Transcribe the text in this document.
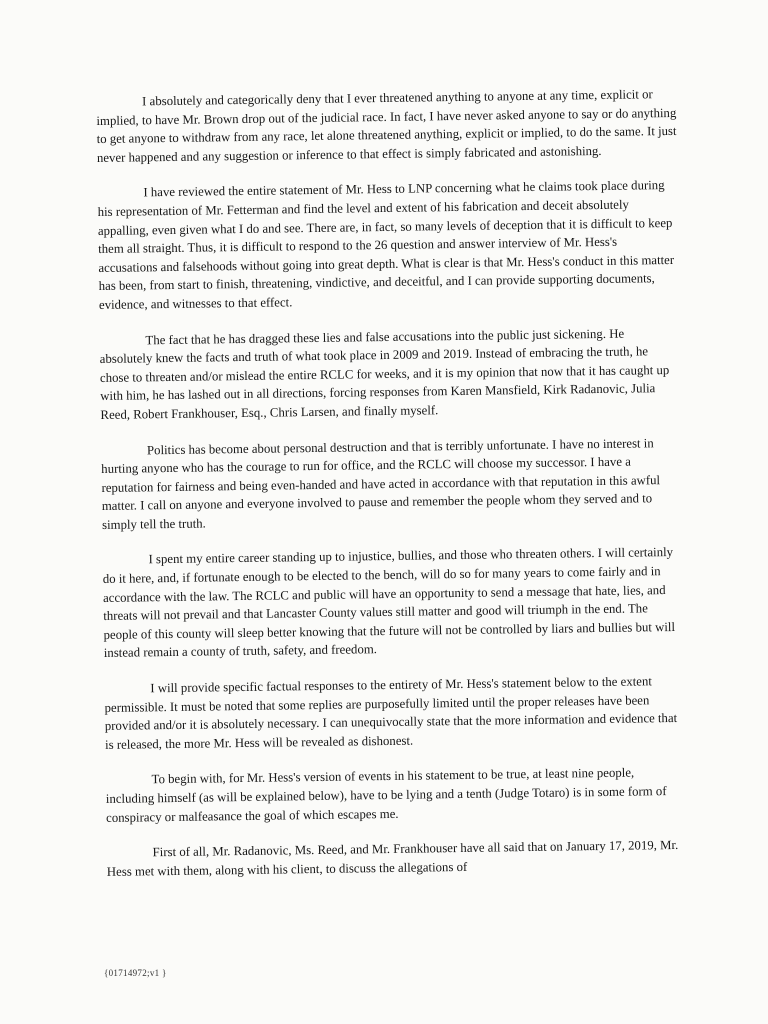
I absolutely and categorically deny that I ever threatened anything to anyone at any time, explicit or implied, to have Mr. Brown drop out of the judicial race. In fact, I have never asked anyone to say or do anything to get anyone to withdraw from any race, let alone threatened anything, explicit or implied, to do the same. It just never happened and any suggestion or inference to that effect is simply fabricated and astonishing.

I have reviewed the entire statement of Mr. Hess to LNP concerning what he claims took place during his representation of Mr. Fetterman and find the level and extent of his fabrication and deceit absolutely appalling, even given what I do and see. There are, in fact, so many levels of deception that it is difficult to keep them all straight. Thus, it is difficult to respond to the 26 question and answer interview of Mr. Hess's accusations and falsehoods without going into great depth. What is clear is that Mr. Hess's conduct in this matter has been, from start to finish, threatening, vindictive, and deceitful, and I can provide supporting documents, evidence, and witnesses to that effect.

The fact that he has dragged these lies and false accusations into the public just sickening. He absolutely knew the facts and truth of what took place in 2009 and 2019. Instead of embracing the truth, he chose to threaten and/or mislead the entire RCLC for weeks, and it is my opinion that now that it has caught up with him, he has lashed out in all directions, forcing responses from Karen Mansfield, Kirk Radanovic, Julia Reed, Robert Frankhouser, Esq., Chris Larsen, and finally myself.

Politics has become about personal destruction and that is terribly unfortunate. I have no interest in hurting anyone who has the courage to run for office, and the RCLC will choose my successor. I have a reputation for fairness and being even-handed and have acted in accordance with that reputation in this awful matter. I call on anyone and everyone involved to pause and remember the people whom they served and to simply tell the truth.

I spent my entire career standing up to injustice, bullies, and those who threaten others. I will certainly do it here, and, if fortunate enough to be elected to the bench, will do so for many years to come fairly and in accordance with the law. The RCLC and public will have an opportunity to send a message that hate, lies, and threats will not prevail and that Lancaster County values still matter and good will triumph in the end. The people of this county will sleep better knowing that the future will not be controlled by liars and bullies but will instead remain a county of truth, safety, and freedom.

I will provide specific factual responses to the entirety of Mr. Hess's statement below to the extent permissible. It must be noted that some replies are purposefully limited until the proper releases have been provided and/or it is absolutely necessary. I can unequivocally state that the more information and evidence that is released, the more Mr. Hess will be revealed as dishonest.

To begin with, for Mr. Hess's version of events in his statement to be true, at least nine people, including himself (as will be explained below), have to be lying and a tenth (Judge Totaro) is in some form of conspiracy or malfeasance the goal of which escapes me.

First of all, Mr. Radanovic, Ms. Reed, and Mr. Frankhouser have all said that on January 17, 2019, Mr. Hess met with them, along with his client, to discuss the allegations of

{01714972;v1 }
